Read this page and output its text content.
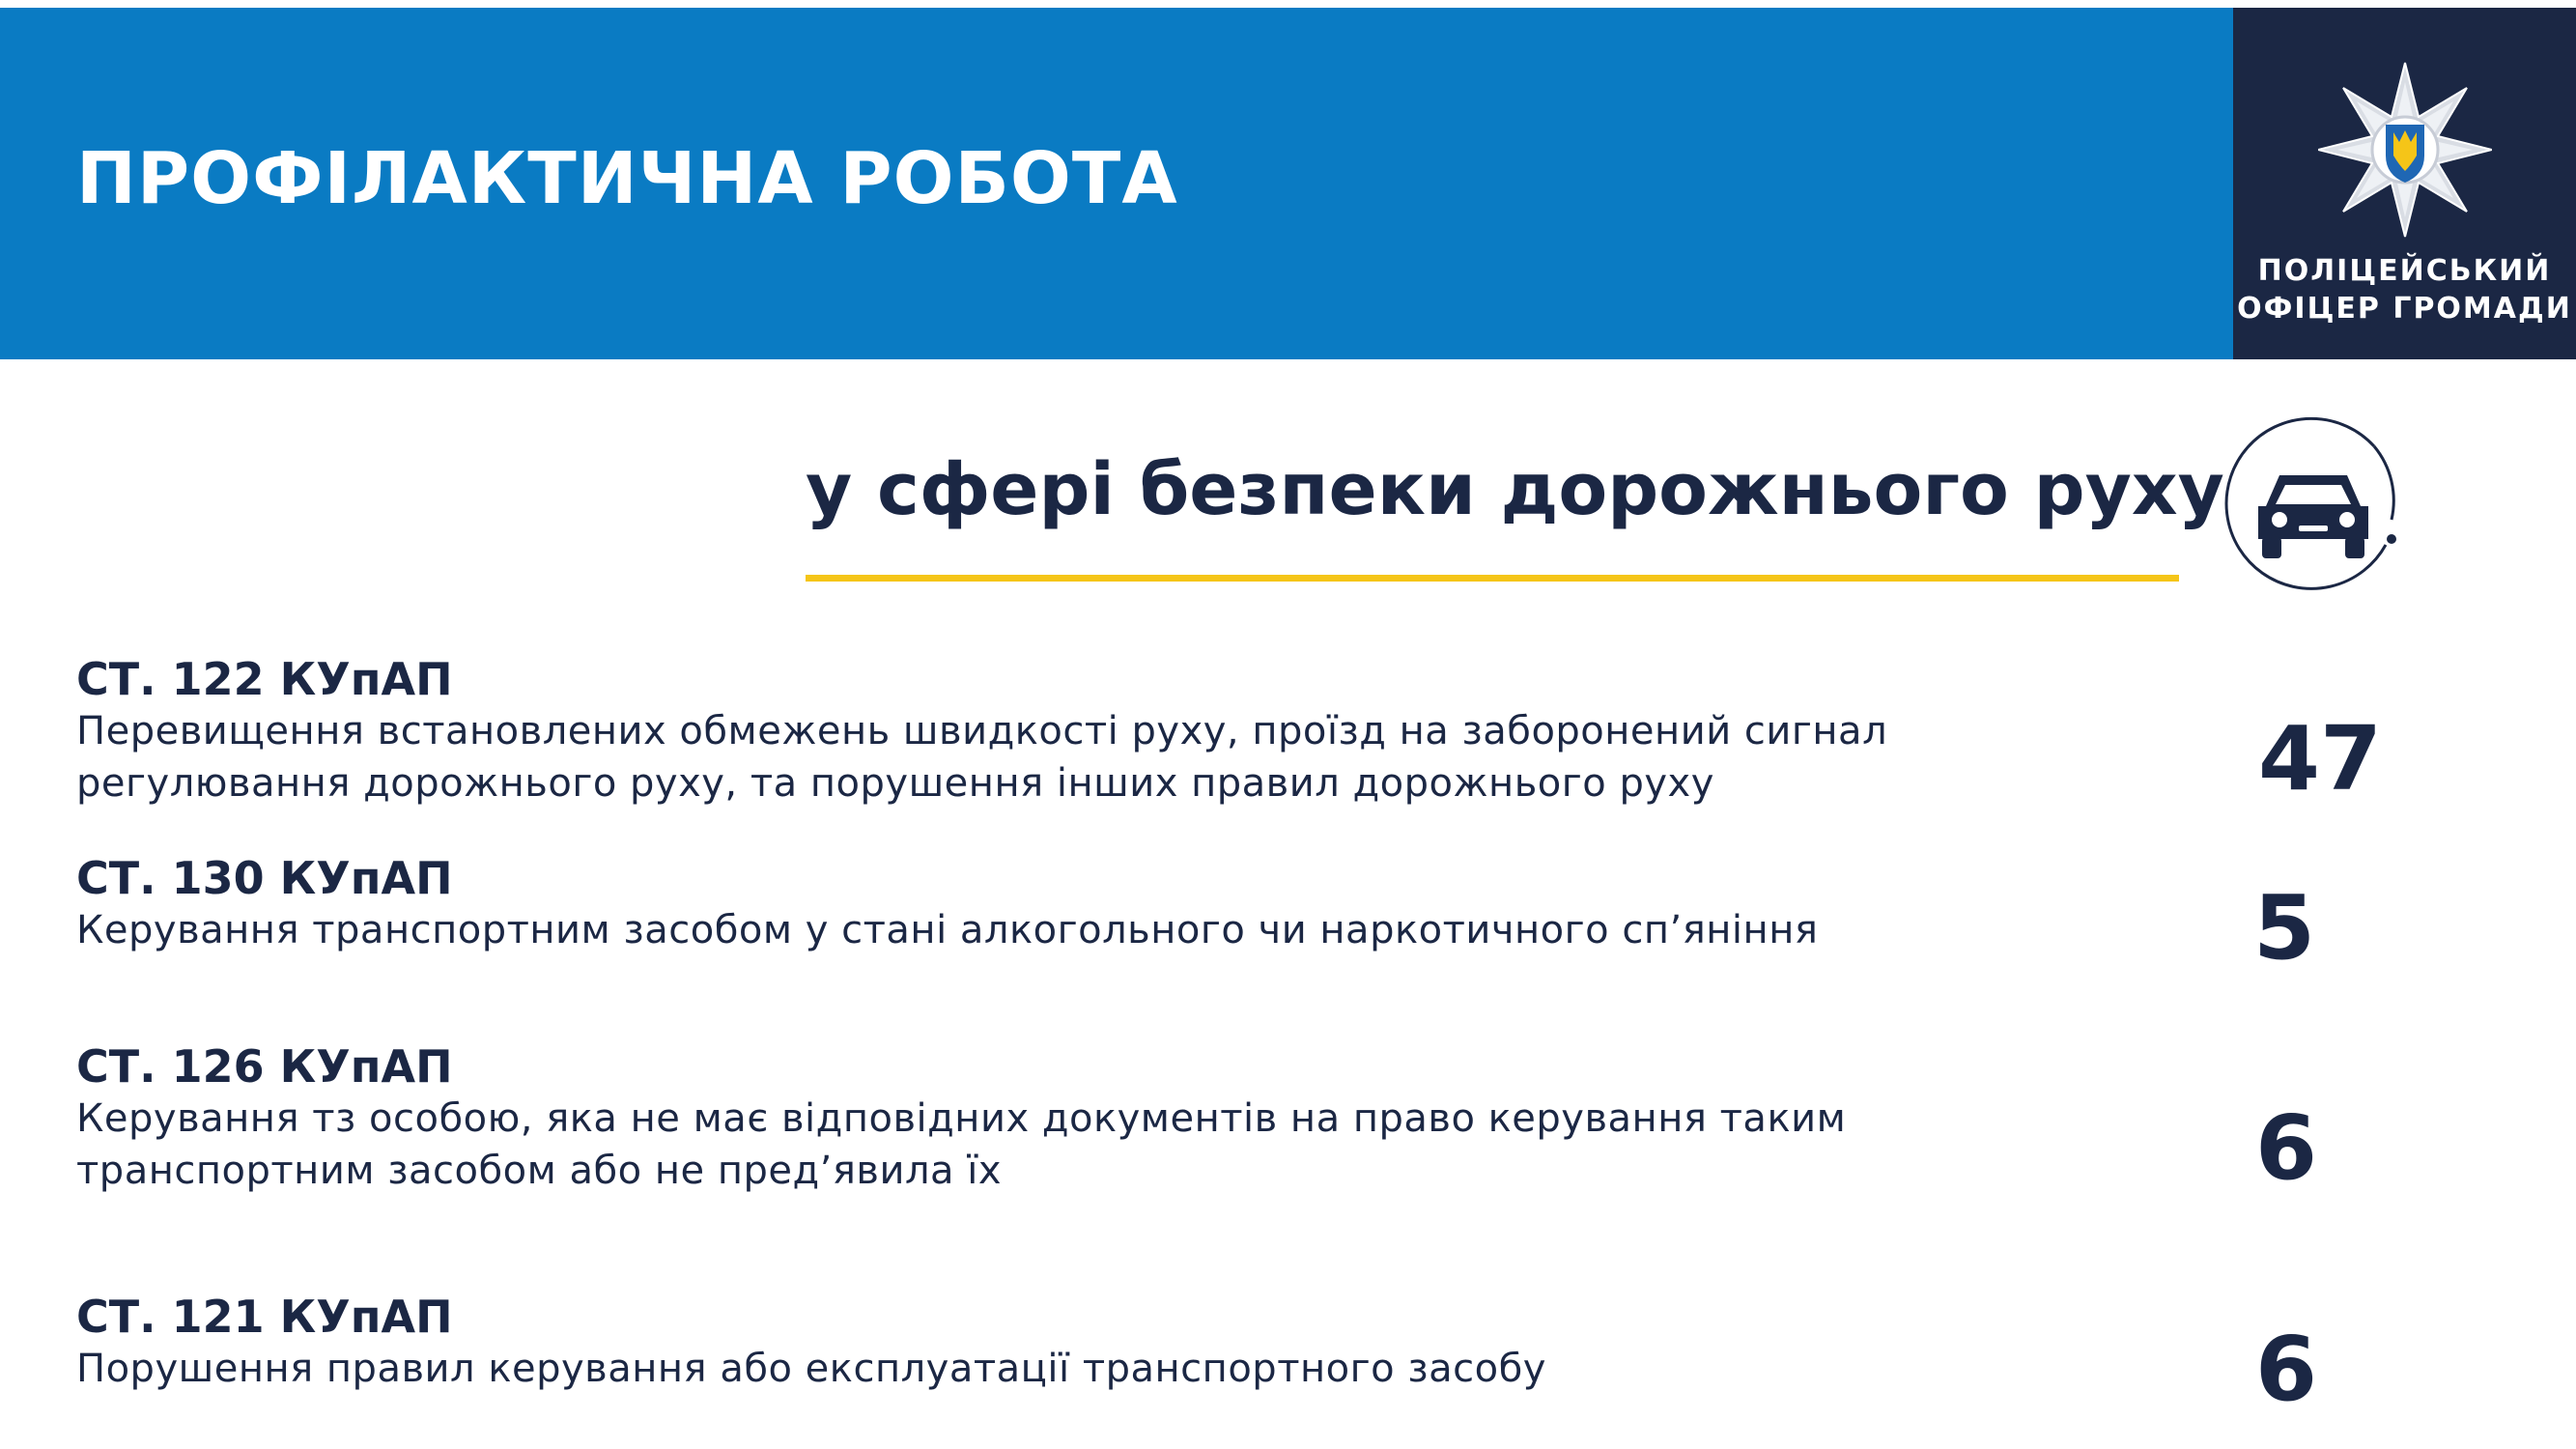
ПРОФІЛАКТИЧНА РОБОТА
ПОЛІЦЕЙСЬКИЙ
ОФІЦЕР ГРОМАДИ
у сфері безпеки дорожнього руху
СТ. 122 КУпАП
Перевищення встановлених обмежень швидкості руху, проїзд на заборонений сигнал регулювання дорожнього руху, та порушення інших правил дорожнього руху	47
СТ. 130 КУпАП
Керування транспортним засобом у стані алкогольного чи наркотичного сп’яніння	5
СТ. 126 КУпАП
Керування тз особою, яка не має відповідних документів на право керування таким транспортним засобом або не пред’явила їх	6
СТ. 121 КУпАП
Порушення правил керування або експлуатації транспортного засобу	6
